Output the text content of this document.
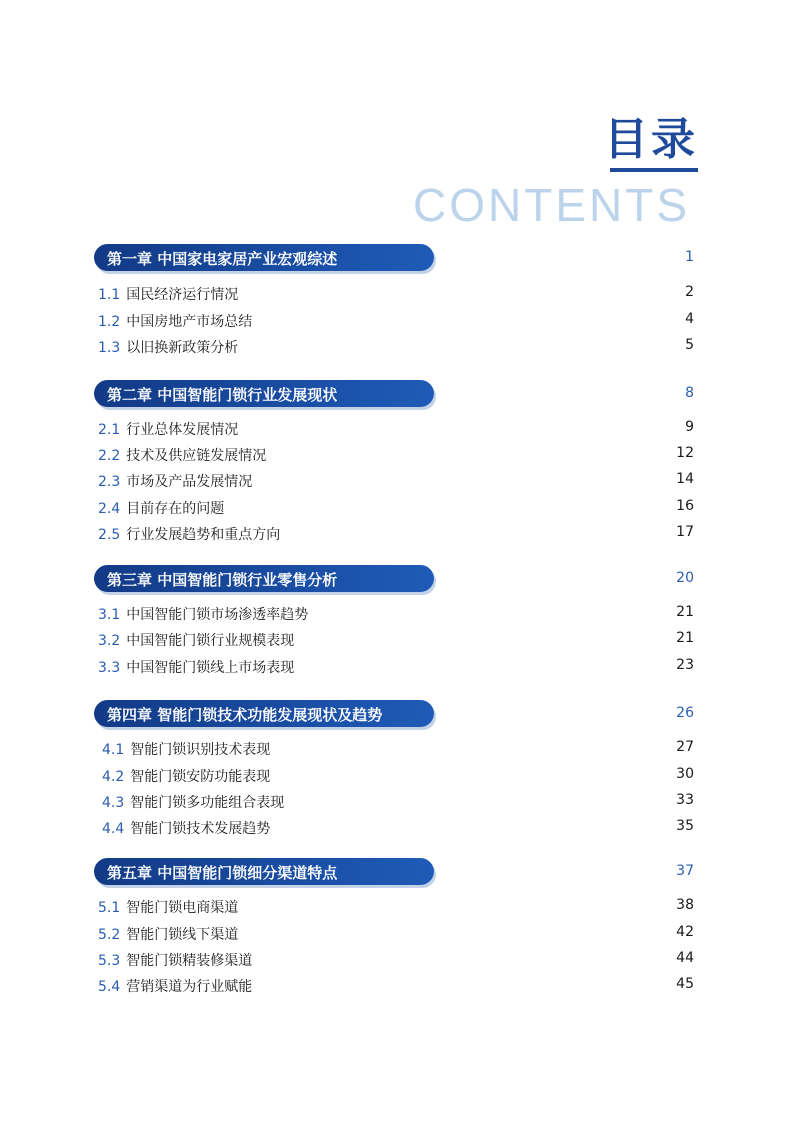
目录
CONTENTS
第一章 中国家电家居产业宏观综述	1
1.1 国民经济运行情况	2
1.2 中国房地产市场总结	4
1.3 以旧换新政策分析	5
第二章 中国智能门锁行业发展现状	8
2.1 行业总体发展情况	9
2.2 技术及供应链发展情况	12
2.3 市场及产品发展情况	14
2.4 目前存在的问题	16
2.5 行业发展趋势和重点方向	17
第三章 中国智能门锁行业零售分析	20
3.1 中国智能门锁市场渗透率趋势	21
3.2 中国智能门锁行业规模表现	21
3.3 中国智能门锁线上市场表现	23
第四章 智能门锁技术功能发展现状及趋势	26
4.1 智能门锁识别技术表现	27
4.2 智能门锁安防功能表现	30
4.3 智能门锁多功能组合表现	33
4.4 智能门锁技术发展趋势	35
第五章 中国智能门锁细分渠道特点	37
5.1 智能门锁电商渠道	38
5.2 智能门锁线下渠道	42
5.3 智能门锁精装修渠道	44
5.4 营销渠道为行业赋能	45
